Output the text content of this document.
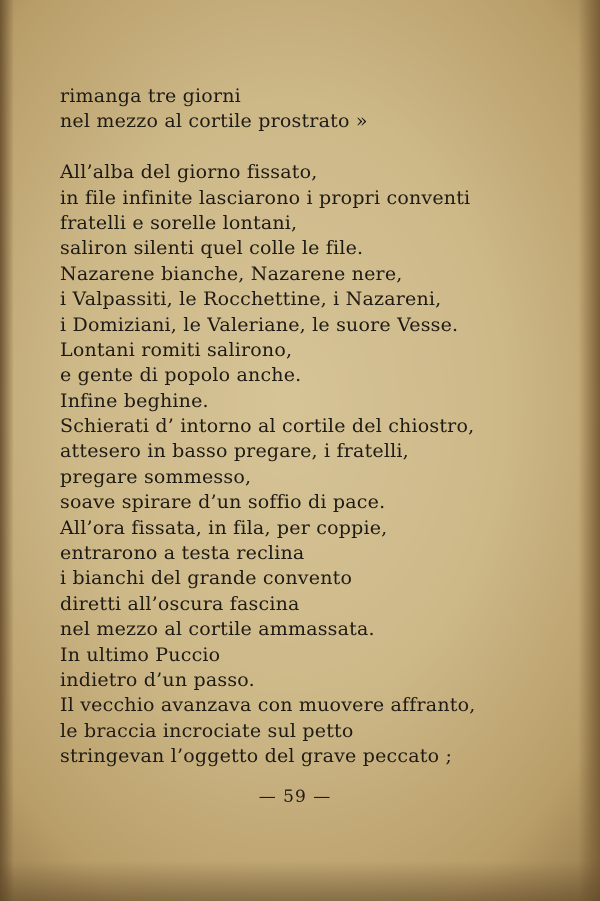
rimanga tre giorni
nel mezzo al cortile prostrato »
All’alba del giorno fissato,
in file infinite lasciarono i propri conventi
fratelli e sorelle lontani,
saliron silenti quel colle le file.
Nazarene bianche, Nazarene nere,
i Valpassiti, le Rocchettine, i Nazareni,
i Domiziani, le Valeriane, le suore Vesse.
Lontani romiti salirono,
e gente di popolo anche.
Infine beghine.
Schierati d’ intorno al cortile del chiostro,
attesero in basso pregare, i fratelli,
pregare sommesso,
soave spirare d’un soffio di pace.
All’ora fissata, in fila, per coppie,
entrarono a testa reclina
i bianchi del grande convento
diretti all’oscura fascina
nel mezzo al cortile ammassata.
In ultimo Puccio
indietro d’un passo.
Il vecchio avanzava con muovere affranto,
le braccia incrociate sul petto
stringevan l’oggetto del grave peccato ;
— 59 —
